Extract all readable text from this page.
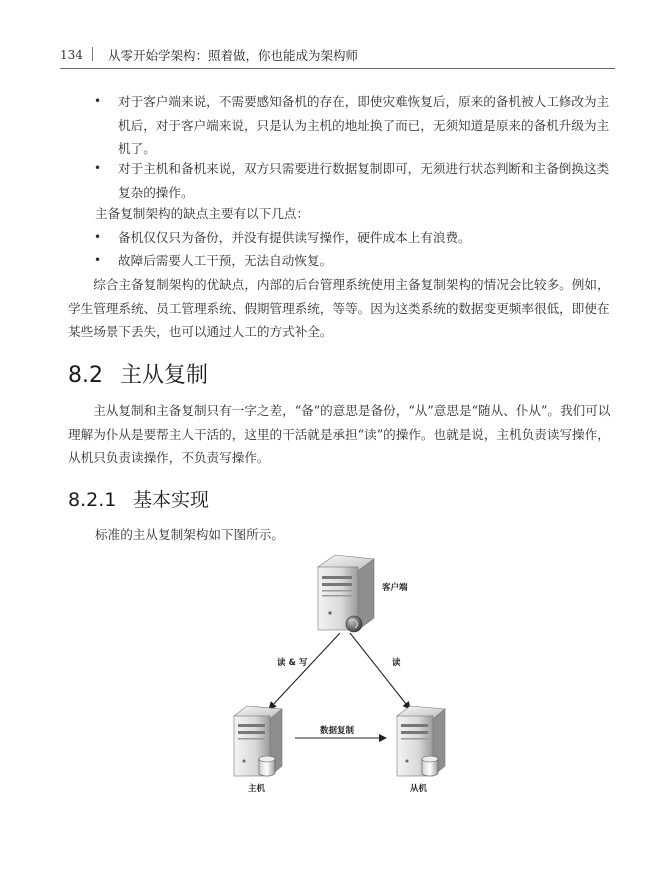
134 从零开始学架构：照着做，你也能成为架构师
• 对于客户端来说，不需要感知备机的存在，即使灾难恢复后，原来的备机被人工修改为主机后，对于客户端来说，只是认为主机的地址换了而已，无须知道是原来的备机升级为主机了。
• 对于主机和备机来说，双方只需要进行数据复制即可，无须进行状态判断和主备倒换这类复杂的操作。
主备复制架构的缺点主要有以下几点：
• 备机仅仅只为备份，并没有提供读写操作，硬件成本上有浪费。
• 故障后需要人工干预，无法自动恢复。
综合主备复制架构的优缺点，内部的后台管理系统使用主备复制架构的情况会比较多。例如，学生管理系统、员工管理系统、假期管理系统，等等。因为这类系统的数据变更频率很低，即使在某些场景下丢失，也可以通过人工的方式补全。
8.2 主从复制
主从复制和主备复制只有一字之差，“备”的意思是备份，“从”意思是“随从、仆从”。我们可以理解为仆从是要帮主人干活的，这里的干活就是承担“读”的操作。也就是说，主机负责读写操作，从机只负责读操作，不负责写操作。
8.2.1 基本实现
标准的主从复制架构如下图所示。
客户端
读 & 写	读
数据复制
主机	从机
